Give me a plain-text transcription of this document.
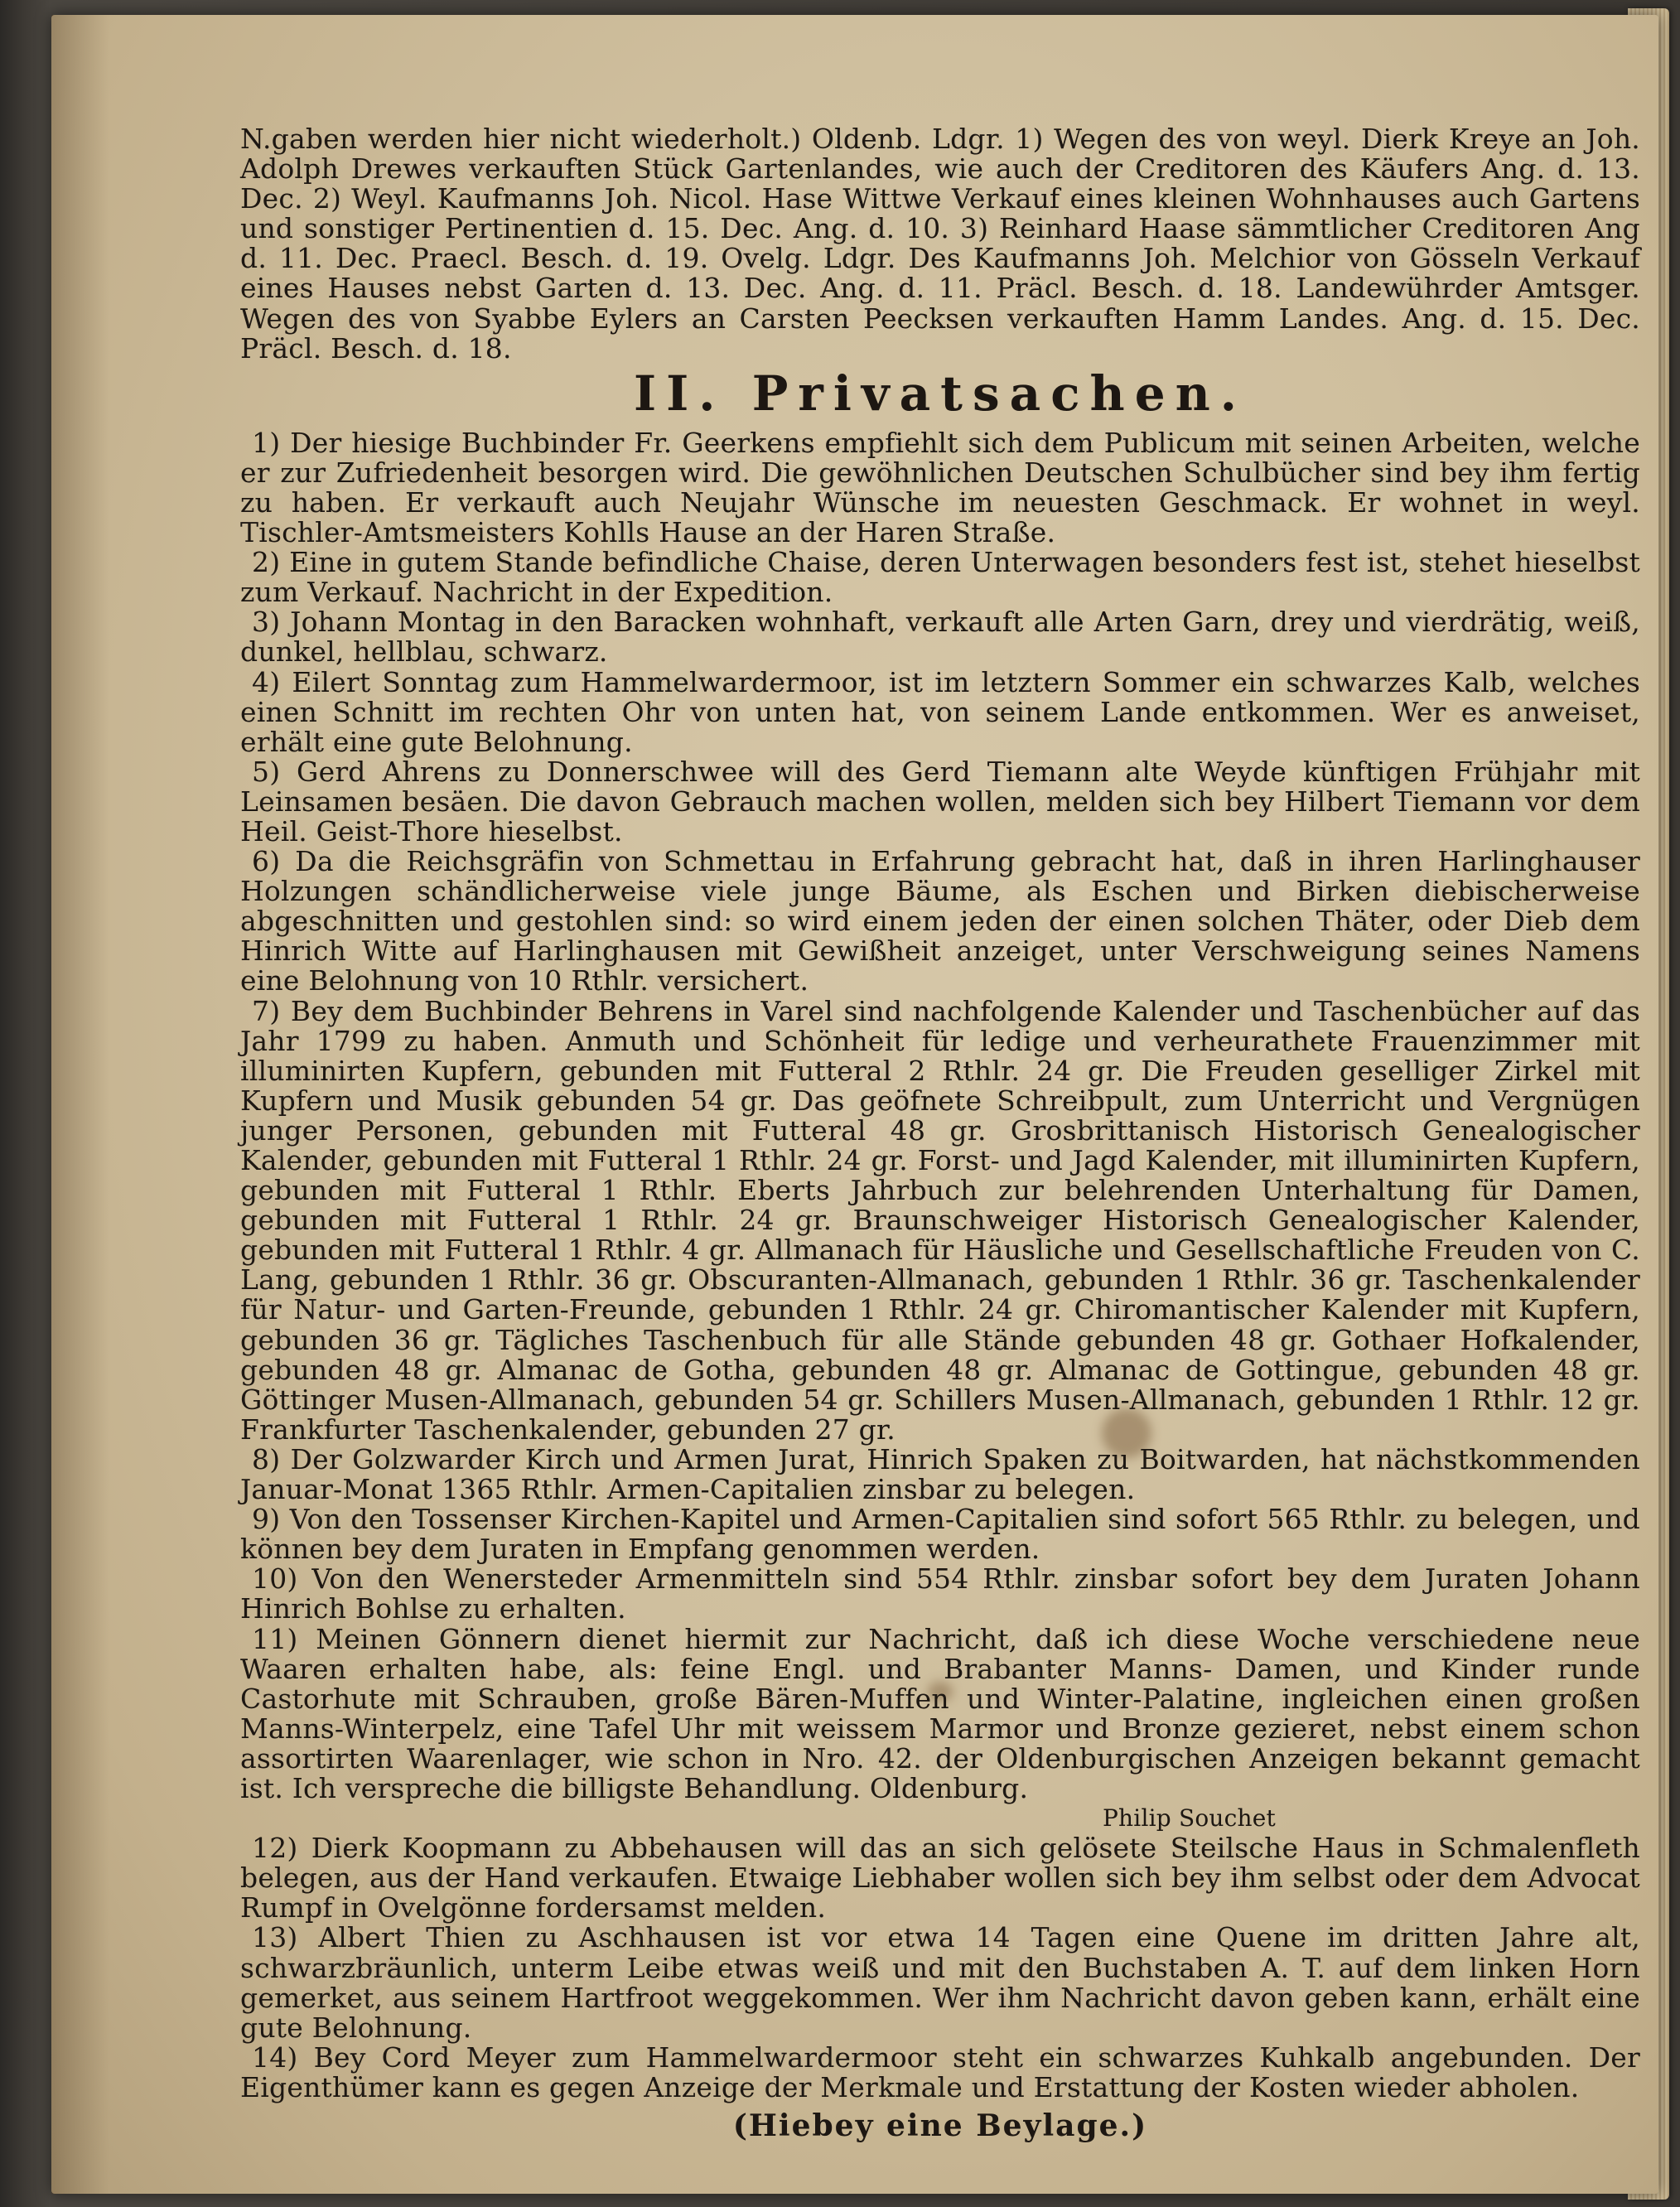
N.gaben werden hier nicht wiederholt.) Oldenb. Ldgr. 1) Wegen des von weyl. Dierk Kreye an Joh. Adolph Drewes verkauften Stück Gartenlandes, wie auch der Creditoren des Käufers Ang. d. 13. Dec. 2) Weyl. Kaufmanns Joh. Nicol. Hase Wittwe Verkauf eines kleinen Wohnhauses auch Gartens und sonstiger Pertinentien d. 15. Dec. Ang. d. 10. 3) Reinhard Haase sämmtlicher Creditoren Ang d. 11. Dec. Praecl. Besch. d. 19. Ovelg. Ldgr. Des Kaufmanns Joh. Melchior von Gösseln Verkauf eines Hauses nebst Garten d. 13. Dec. Ang. d. 11. Präcl. Besch. d. 18. Landewührder Amtsger. Wegen des von Syabbe Eylers an Carsten Peecksen verkauften Hamm Landes. Ang. d. 15. Dec. Präcl. Besch. d. 18.

II. Privatsachen.

1) Der hiesige Buchbinder Fr. Geerkens empfiehlt sich dem Publicum mit seinen Arbeiten, welche er zur Zufriedenheit besorgen wird. Die gewöhnlichen Deutschen Schulbücher sind bey ihm fertig zu haben. Er verkauft auch Neujahr Wünsche im neuesten Geschmack. Er wohnet in weyl. Tischler-Amtsmeisters Kohlls Hause an der Haren Straße.

2) Eine in gutem Stande befindliche Chaise, deren Unterwagen besonders fest ist, stehet hieselbst zum Verkauf. Nachricht in der Expedition.

3) Johann Montag in den Baracken wohnhaft, verkauft alle Arten Garn, drey und vierdrätig, weiß, dunkel, hellblau, schwarz.

4) Eilert Sonntag zum Hammelwardermoor, ist im letztern Sommer ein schwarzes Kalb, welches einen Schnitt im rechten Ohr von unten hat, von seinem Lande entkommen. Wer es anweiset, erhält eine gute Belohnung.

5) Gerd Ahrens zu Donnerschwee will des Gerd Tiemann alte Weyde künftigen Frühjahr mit Leinsamen besäen. Die davon Gebrauch machen wollen, melden sich bey Hilbert Tiemann vor dem Heil. Geist-Thore hieselbst.

6) Da die Reichsgräfin von Schmettau in Erfahrung gebracht hat, daß in ihren Harlinghauser Holzungen schändlicherweise viele junge Bäume, als Eschen und Birken diebischerweise abgeschnitten und gestohlen sind: so wird einem jeden der einen solchen Thäter, oder Dieb dem Hinrich Witte auf Harlinghausen mit Gewißheit anzeiget, unter Verschweigung seines Namens eine Belohnung von 10 Rthlr. versichert.

7) Bey dem Buchbinder Behrens in Varel sind nachfolgende Kalender und Taschenbücher auf das Jahr 1799 zu haben. Anmuth und Schönheit für ledige und verheurathete Frauenzimmer mit illuminirten Kupfern, gebunden mit Futteral 2 Rthlr. 24 gr. Die Freuden geselliger Zirkel mit Kupfern und Musik gebunden 54 gr. Das geöfnete Schreibpult, zum Unterricht und Vergnügen junger Personen, gebunden mit Futteral 48 gr. Grosbrittanisch Historisch Genealogischer Kalender, gebunden mit Futteral 1 Rthlr. 24 gr. Forst- und Jagd Kalender, mit illuminirten Kupfern, gebunden mit Futteral 1 Rthlr. Eberts Jahrbuch zur belehrenden Unterhaltung für Damen, gebunden mit Futteral 1 Rthlr. 24 gr. Braunschweiger Historisch Genealogischer Kalender, gebunden mit Futteral 1 Rthlr. 4 gr. Allmanach für Häusliche und Gesellschaftliche Freuden von C. Lang, gebunden 1 Rthlr. 36 gr. Obscuranten-Allmanach, gebunden 1 Rthlr. 36 gr. Taschenkalender für Natur- und Garten-Freunde, gebunden 1 Rthlr. 24 gr. Chiromantischer Kalender mit Kupfern, gebunden 36 gr. Tägliches Taschenbuch für alle Stände gebunden 48 gr. Gothaer Hofkalender, gebunden 48 gr. Almanac de Gotha, gebunden 48 gr. Almanac de Gottingue, gebunden 48 gr. Göttinger Musen-Allmanach, gebunden 54 gr. Schillers Musen-Allmanach, gebunden 1 Rthlr. 12 gr. Frankfurter Taschenkalender, gebunden 27 gr.

8) Der Golzwarder Kirch und Armen Jurat, Hinrich Spaken zu Boitwarden, hat nächstkommenden Januar-Monat 1365 Rthlr. Armen-Capitalien zinsbar zu belegen.

9) Von den Tossenser Kirchen-Kapitel und Armen-Capitalien sind sofort 565 Rthlr. zu belegen, und können bey dem Juraten in Empfang genommen werden.

10) Von den Wenersteder Armenmitteln sind 554 Rthlr. zinsbar sofort bey dem Juraten Johann Hinrich Bohlse zu erhalten.

11) Meinen Gönnern dienet hiermit zur Nachricht, daß ich diese Woche verschiedene neue Waaren erhalten habe, als: feine Engl. und Brabanter Manns- Damen, und Kinder runde Castorhute mit Schrauben, große Bären-Muffen und Winter-Palatine, ingleichen einen großen Manns-Winterpelz, eine Tafel Uhr mit weissem Marmor und Bronze gezieret, nebst einem schon assortirten Waarenlager, wie schon in Nro. 42. der Oldenburgischen Anzeigen bekannt gemacht ist. Ich verspreche die billigste Behandlung. Oldenburg.

Philip Souchet

12) Dierk Koopmann zu Abbehausen will das an sich gelösete Steilsche Haus in Schmalenfleth belegen, aus der Hand verkaufen. Etwaige Liebhaber wollen sich bey ihm selbst oder dem Advocat Rumpf in Ovelgönne fordersamst melden.

13) Albert Thien zu Aschhausen ist vor etwa 14 Tagen eine Quene im dritten Jahre alt, schwarzbräunlich, unterm Leibe etwas weiß und mit den Buchstaben A. T. auf dem linken Horn gemerket, aus seinem Hartfroot weggekommen. Wer ihm Nachricht davon geben kann, erhält eine gute Belohnung.

14) Bey Cord Meyer zum Hammelwardermoor steht ein schwarzes Kuhkalb angebunden. Der Eigenthümer kann es gegen Anzeige der Merkmale und Erstattung der Kosten wieder abholen.

(Hiebey eine Beylage.)
